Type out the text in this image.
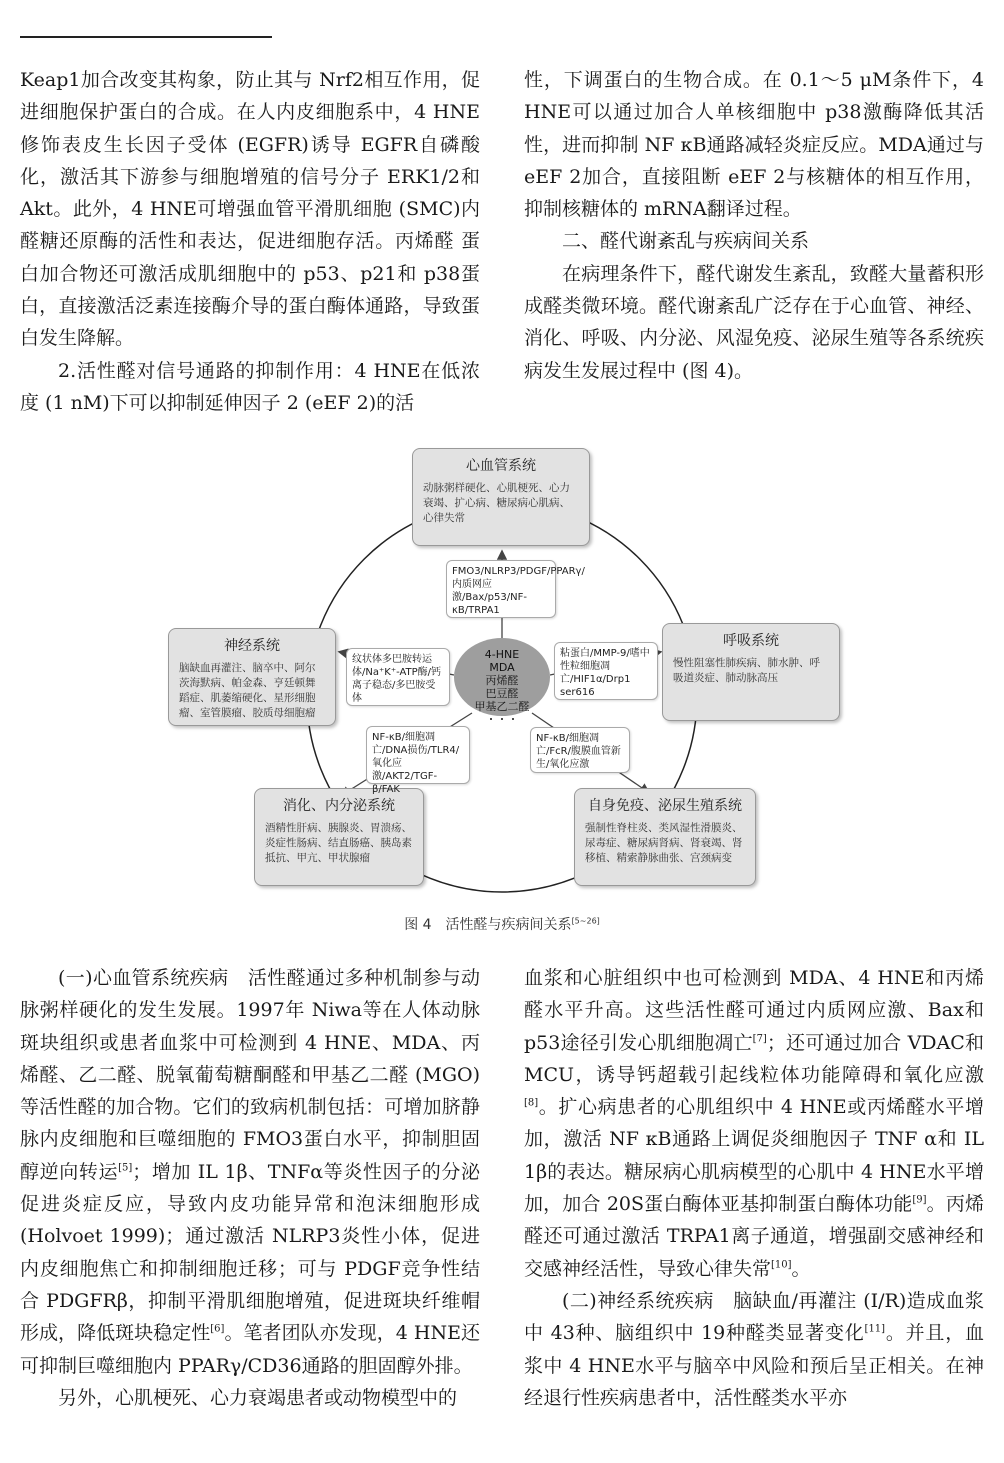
Keap1加合改变其构象，防止其与 Nrf2相互作用，促进细胞保护蛋白的合成。在人内皮细胞系中，4 HNE修饰表皮生长因子受体 (EGFR)诱导 EGFR自磷酸化，激活其下游参与细胞增殖的信号分子 ERK1/2和 Akt。此外，4 HNE可增强血管平滑肌细胞 (SMC)内醛糖还原酶的活性和表达，促进细胞存活。丙烯醛 蛋白加合物还可激活成肌细胞中的 p53、p21和 p38蛋白，直接激活泛素连接酶介导的蛋白酶体通路，导致蛋白发生降解。

2.活性醛对信号通路的抑制作用：4 HNE在低浓度 (1 nM)下可以抑制延伸因子 2 (eEF 2)的活

性，下调蛋白的生物合成。在 0.1～5 μM条件下，4 HNE可以通过加合人单核细胞中 p38激酶降低其活性，进而抑制 NF κB通路减轻炎症反应。MDA通过与 eEF 2加合，直接阻断 eEF 2与核糖体的相互作用，抑制核糖体的 mRNA翻译过程。

二、醛代谢紊乱与疾病间关系

在病理条件下，醛代谢发生紊乱，致醛大量蓄积形成醛类微环境。醛代谢紊乱广泛存在于心血管、神经、消化、呼吸、内分泌、风湿免疫、泌尿生殖等各系统疾病发生发展过程中 (图 4)。

心血管系统
动脉粥样硬化、心肌梗死、心力衰竭、扩心病、糖尿病心肌病、心律失常
神经系统
脑缺血再灌注、脑卒中、阿尔茨海默病、帕金森、亨廷顿舞蹈症、肌萎缩硬化、星形细胞瘤、室管膜瘤、胶质母细胞瘤
呼吸系统
慢性阻塞性肺疾病、肺水肿、呼吸道炎症、肺动脉高压
消化、内分泌系统
酒精性肝病、胰腺炎、胃溃疡、炎症性肠病、结直肠癌、胰岛素抵抗、甲亢、甲状腺瘤
自身免疫、泌尿生殖系统
强制性脊柱炎、类风湿性滑膜炎、尿毒症、糖尿病肾病、肾衰竭、肾移植、精索静脉曲张、宫颈病变
FMO3/NLRP3/PDGF/PPARγ/内质网应激/Bax/p53/NF-κB/TRPA1
纹状体多巴胺转运体/Na⁺K⁺-ATP酶/钙离子稳态/多巴胺受体
粘蛋白/MMP-9/嗜中性粒细胞凋亡/HIF1α/Drp1 ser616
NF-κB/细胞凋亡/DNA损伤/TLR4/氧化应激/AKT2/TGF-β/FAK
NF-κB/细胞凋亡/FcR/腹膜血管新生/氧化应激
4-HNE
MDA
丙烯醛
巴豆醛
甲基乙二醛
・・・
图 4　活性醛与疾病间关系[5~26]

(一)心血管系统疾病　活性醛通过多种机制参与动脉粥样硬化的发生发展。1997年 Niwa等在人体动脉斑块组织或患者血浆中可检测到 4 HNE、MDA、丙烯醛、乙二醛、脱氧葡萄糖酮醛和甲基乙二醛 (MGO)等活性醛的加合物。它们的致病机制包括：可增加脐静脉内皮细胞和巨噬细胞的 FMO3蛋白水平，抑制胆固醇逆向转运[5]；增加 IL 1β、TNFα等炎性因子的分泌促进炎症反应，导致内皮功能异常和泡沫细胞形成 (Holvoet 1999)；通过激活 NLRP3炎性小体，促进内皮细胞焦亡和抑制细胞迁移；可与 PDGF竞争性结合 PDGFRβ，抑制平滑肌细胞增殖，促进斑块纤维帽形成，降低斑块稳定性[6]。笔者团队亦发现，4 HNE还可抑制巨噬细胞内 PPARγ/CD36通路的胆固醇外排。

另外，心肌梗死、心力衰竭患者或动物模型中的

血浆和心脏组织中也可检测到 MDA、4 HNE和丙烯醛水平升高。这些活性醛可通过内质网应激、Bax和 p53途径引发心肌细胞凋亡[7]；还可通过加合 VDAC和 MCU，诱导钙超载引起线粒体功能障碍和氧化应激[8]。扩心病患者的心肌组织中 4 HNE或丙烯醛水平增加，激活 NF κB通路上调促炎细胞因子 TNF α和 IL 1β的表达。糖尿病心肌病模型的心肌中 4 HNE水平增加，加合 20S蛋白酶体亚基抑制蛋白酶体功能[9]。丙烯醛还可通过激活 TRPA1离子通道，增强副交感神经和交感神经活性，导致心律失常[10]。

(二)神经系统疾病　脑缺血/再灌注 (I/R)造成血浆中 43种、脑组织中 19种醛类显著变化[11]。并且，血浆中 4 HNE水平与脑卒中风险和预后呈正相关。在神经退行性疾病患者中，活性醛类水平亦
